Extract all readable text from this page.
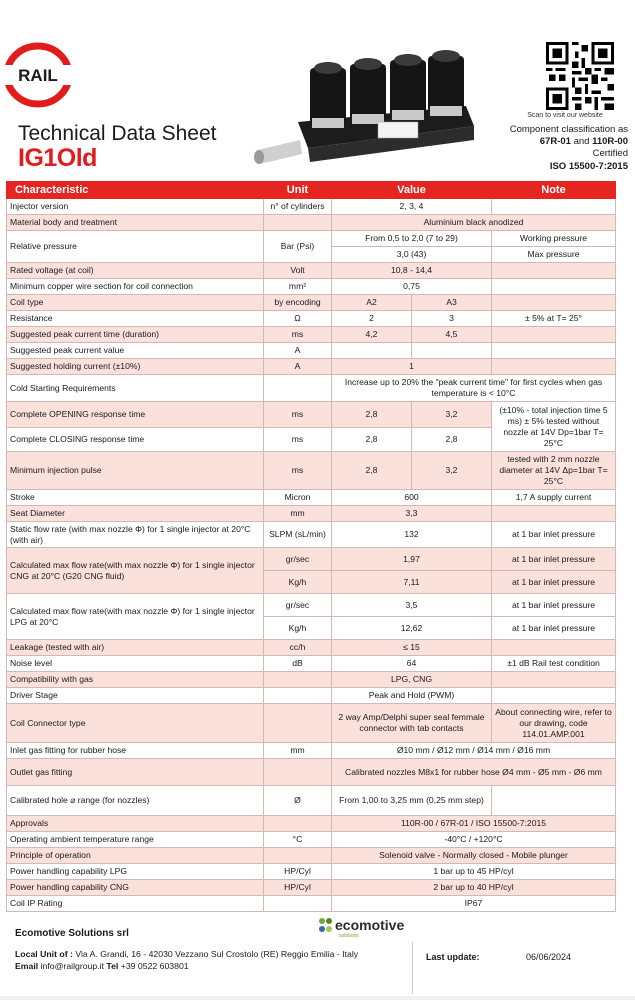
RAIL
Technical Data Sheet
IG1Old
Scan to visit our website
Component classification as
67R-01 and 110R-00
Certified
ISO 15500-7:2015
Characteristic	Unit	Value		Note
Injector version	n° of cylinders	2, 3, 4		
Material body and treatment		Aluminium black anodized		
Relative pressure	Bar (Psi)	From 0,5 to 2,0 (7 to 29)		Working pressure
		3,0 (43)		Max pressure
Rated voltage (at coil)	Volt	10,8 - 14,4		
Minimum copper wire section for coil connection	mm²	0,75		
Coil type	by encoding	A2	A3	
Resistance	Ω	2	3	± 5% at T= 25°
Suggested peak current time (duration)	ms	4,2	4,5	
Suggested peak current value	A			
Suggested holding current (±10%)	A	1		
Cold Starting Requirements		Increase up to 20% the "peak current time" for first cycles when gas temperature is < 10°C		
Complete OPENING response time	ms	2,8	3,2	(±10% - total injection time 5 ms) ± 5% tested without nozzle at 14V Dp=1bar T= 25°C
Complete CLOSING response time	ms	2,8	2,8	
Minimum injection pulse	ms	2,8	3,2	tested with 2 mm nozzle diameter at 14V Δp=1bar T= 25°C
Stroke	Micron	600		1,7 A supply current
Seat Diameter	mm	3,3		
Static flow rate (with max nozzle Φ) for 1 single injector at 20°C (with air)	SLPM (sL/min)	132		at 1 bar inlet pressure
Calculated max flow rate(with max nozzle Φ) for 1 single injector CNG at 20°C (G20 CNG fluid)	gr/sec	1,97		at 1 bar inlet pressure
	Kg/h	7,11		at 1 bar inlet pressure
Calculated max flow rate(with max nozzle Φ) for 1 single injector LPG at 20°C	gr/sec	3,5		at 1 bar inlet pressure
	Kg/h	12,62		at 1 bar inlet pressure
Leakage (tested with air)	cc/h	≤ 15		
Noise level	dB	64		±1 dB Rail test condition
Compatibility with gas		LPG, CNG		
Driver Stage		Peak and Hold (PWM)		
Coil Connector type		2 way Amp/Delphi super seal femmale connector with tab contacts		About connecting wire, refer to our drawing, code 114.01.AMP.001
Inlet gas fitting for rubber hose	mm	Ø10 mm / Ø12 mm / Ø14 mm / Ø16 mm		
Outlet gas fitting		Calibrated nozzles M8x1 for rubber hose Ø4 mm - Ø5 mm - Ø6 mm		
Calibrated hole ⌀ range (for nozzles)	Ø	From 1,00 to 3,25 mm (0,25 mm step)		
Approvals		110R-00 / 67R-01 / ISO 15500-7:2015		
Operating ambient temperature range	°C	-40°C / +120°C		
Principle of operation		Solenoid valve - Normally closed - Mobile plunger		
Power handling capability LPG	HP/Cyl	1 bar up to 45 HP/cyl		
Power handling capability CNG	HP/Cyl	2 bar up to 40 HP/cyl		
Coil IP Rating		IP67		
Ecomotive Solutions srl
Local Unit of : Via A. Grandi, 16 - 42030 Vezzano Sul Crostolo (RE) Reggio Emilia - Italy
Email info@railgroup.it Tel +39 0522 603801
ecomotive
solutions
Last update:	06/06/2024
